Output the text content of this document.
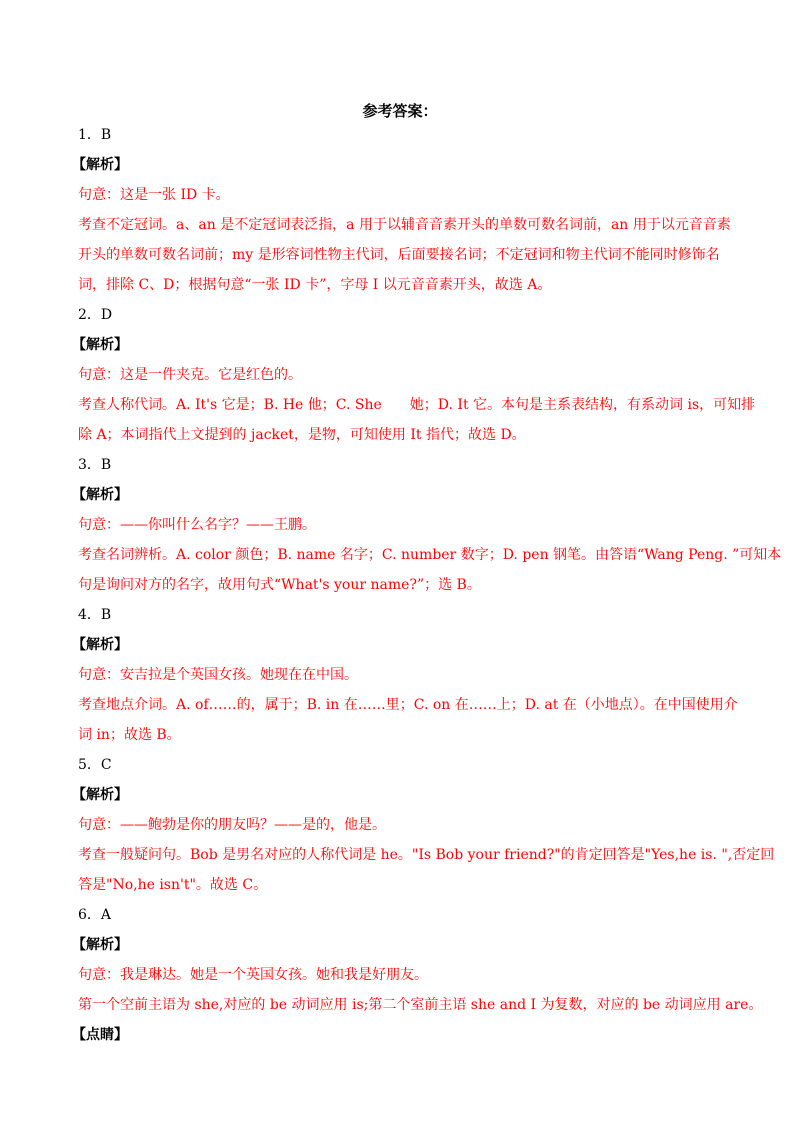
参考答案：
1．B
【解析】
句意：这是一张 ID 卡。
考查不定冠词。a、an 是不定冠词表泛指，a 用于以辅音音素开头的单数可数名词前，an 用于以元音音素
开头的单数可数名词前；my 是形容词性物主代词，后面要接名词；不定冠词和物主代词不能同时修饰名
词，排除 C、D；根据句意“一张 ID 卡”，字母 I 以元音音素开头，故选 A。
2．D
【解析】
句意：这是一件夹克。它是红色的。
考查人称代词。A. It's 它是；B. He 他；C. She　　她；D. It 它。本句是主系表结构，有系动词 is，可知排
除 A；本词指代上文提到的 jacket，是物，可知使用 It 指代；故选 D。
3．B
【解析】
句意：——你叫什么名字？——王鹏。
考查名词辨析。A. color 颜色；B. name 名字；C. number 数字；D. pen 钢笔。由答语“Wang Peng. ”可知本
句是询问对方的名字，故用句式“What's your name?”；选 B。
4．B
【解析】
句意：安吉拉是个英国女孩。她现在在中国。
考查地点介词。A. of……的，属于；B. in 在……里；C. on 在……上；D. at 在（小地点）。在中国使用介
词 in；故选 B。
5．C
【解析】
句意：——鲍勃是你的朋友吗？——是的，他是。
考查一般疑问句。Bob 是男名对应的人称代词是 he。"Is Bob your friend?"的肯定回答是"Yes,he is. ",否定回
答是"No,he isn't"。故选 C。
6．A
【解析】
句意：我是琳达。她是一个英国女孩。她和我是好朋友。
第一个空前主语为 she,对应的 be 动词应用 is;第二个室前主语 she and I 为复数，对应的 be 动词应用 are。
【点睛】
